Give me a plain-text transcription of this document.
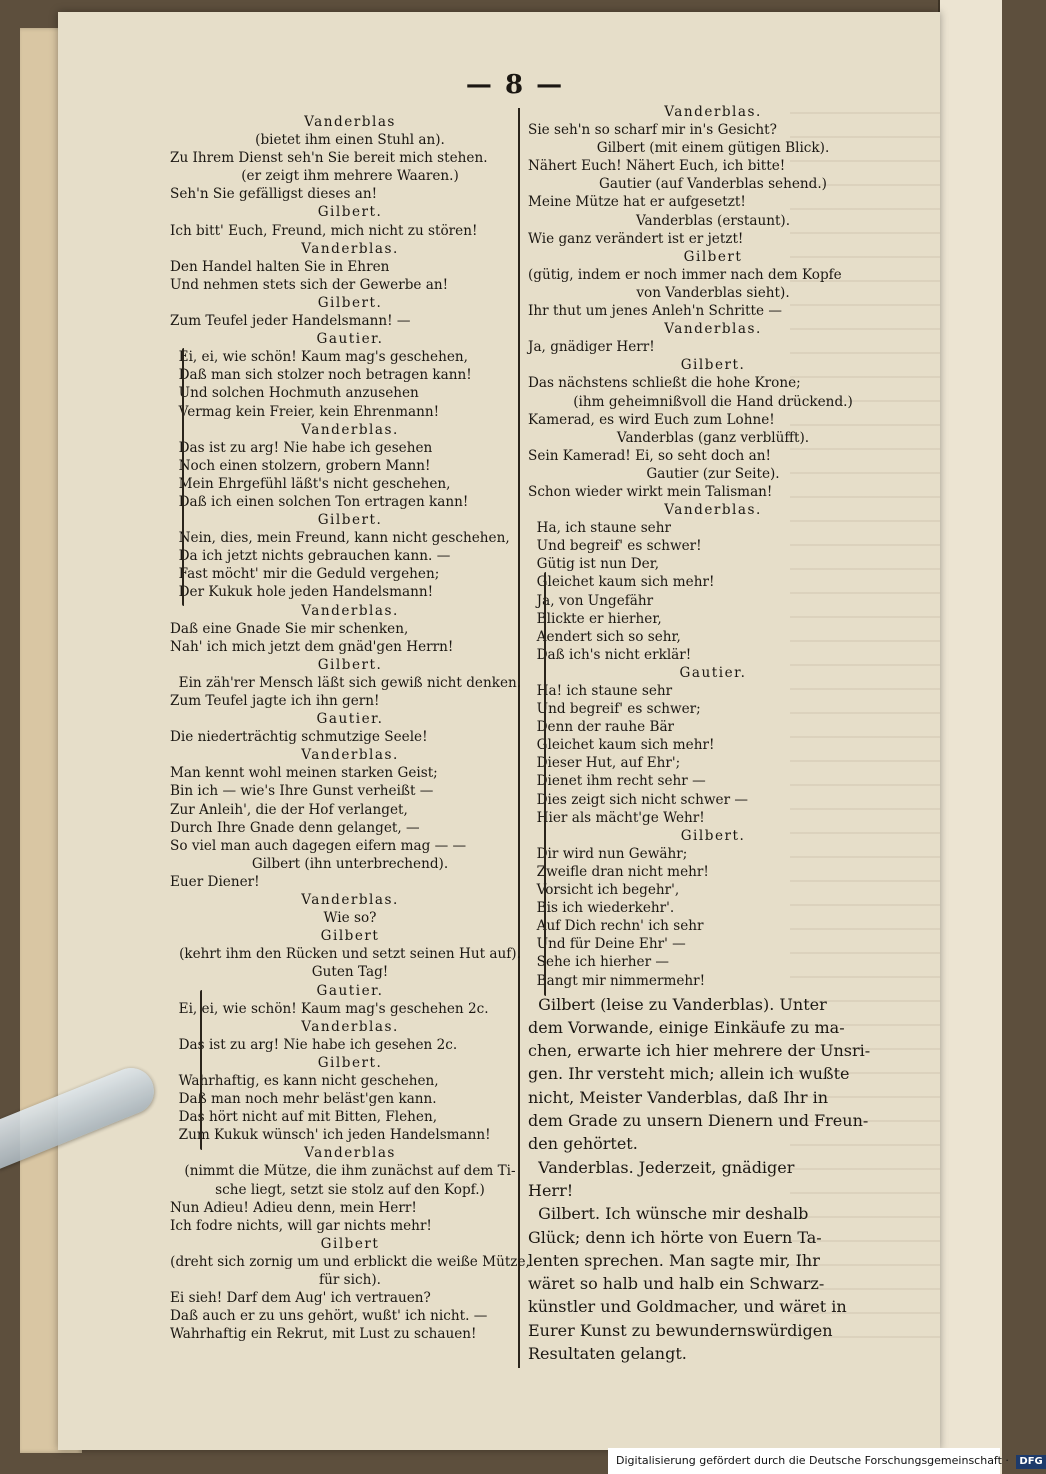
— 8 —
Vanderblas
(bietet ihm einen Stuhl an).
Zu Ihrem Dienst seh'n Sie bereit mich stehen.
(er zeigt ihm mehrere Waaren.)
Seh'n Sie gefälligst dieses an!
Gilbert.
Ich bitt' Euch, Freund, mich nicht zu stören!
Vanderblas.
Den Handel halten Sie in Ehren
Und nehmen stets sich der Gewerbe an!
Gilbert.
Zum Teufel jeder Handelsmann! —
Gautier.
Ei, ei, wie schön! Kaum mag's geschehen,
Daß man sich stolzer noch betragen kann!
Und solchen Hochmuth anzusehen
Vermag kein Freier, kein Ehrenmann!
Vanderblas.
Das ist zu arg! Nie habe ich gesehen
Noch einen stolzern, grobern Mann!
Mein Ehrgefühl läßt's nicht geschehen,
Daß ich einen solchen Ton ertragen kann!
Gilbert.
Nein, dies, mein Freund, kann nicht geschehen,
Da ich jetzt nichts gebrauchen kann. —
Fast möcht' mir die Geduld vergehen;
Der Kukuk hole jeden Handelsmann!
Vanderblas.
Daß eine Gnade Sie mir schenken,
Nah' ich mich jetzt dem gnäd'gen Herrn!
Gilbert.
Ein zäh'rer Mensch läßt sich gewiß nicht denken.
Zum Teufel jagte ich ihn gern!
Gautier.
Die niederträchtig schmutzige Seele!
Vanderblas.
Man kennt wohl meinen starken Geist;
Bin ich — wie's Ihre Gunst verheißt —
Zur Anleih', die der Hof verlanget,
Durch Ihre Gnade denn gelanget, —
So viel man auch dagegen eifern mag — —
Gilbert (ihn unterbrechend).
Euer Diener!
Vanderblas.
Wie so?
Gilbert
(kehrt ihm den Rücken und setzt seinen Hut auf).
Guten Tag!
Gautier.
Ei, ei, wie schön! Kaum mag's geschehen 2c.
Vanderblas.
Das ist zu arg! Nie habe ich gesehen 2c.
Gilbert.
Wahrhaftig, es kann nicht geschehen,
Daß man noch mehr beläst'gen kann.
Das hört nicht auf mit Bitten, Flehen,
Zum Kukuk wünsch' ich jeden Handelsmann!
Vanderblas
(nimmt die Mütze, die ihm zunächst auf dem Ti-
sche liegt, setzt sie stolz auf den Kopf.)
Nun Adieu! Adieu denn, mein Herr!
Ich fodre nichts, will gar nichts mehr!
Gilbert
(dreht sich zornig um und erblickt die weiße Mütze,
für sich).
Ei sieh! Darf dem Aug' ich vertrauen?
Daß auch er zu uns gehört, wußt' ich nicht. —
Wahrhaftig ein Rekrut, mit Lust zu schauen!
Vanderblas.
Sie seh'n so scharf mir in's Gesicht?
Gilbert (mit einem gütigen Blick).
Nähert Euch! Nähert Euch, ich bitte!
Gautier (auf Vanderblas sehend.)
Meine Mütze hat er aufgesetzt!
Vanderblas (erstaunt).
Wie ganz verändert ist er jetzt!
Gilbert
(gütig, indem er noch immer nach dem Kopfe
von Vanderblas sieht).
Ihr thut um jenes Anleh'n Schritte —
Vanderblas.
Ja, gnädiger Herr!
Gilbert.
Das nächstens schließt die hohe Krone;
(ihm geheimnißvoll die Hand drückend.)
Kamerad, es wird Euch zum Lohne!
Vanderblas (ganz verblüfft).
Sein Kamerad! Ei, so seht doch an!
Gautier (zur Seite).
Schon wieder wirkt mein Talisman!
Vanderblas.
Ha, ich staune sehr
Und begreif' es schwer!
Gütig ist nun Der,
Gleichet kaum sich mehr!
Ja, von Ungefähr
Blickte er hierher,
Aendert sich so sehr,
Daß ich's nicht erklär!
Gautier.
Ha! ich staune sehr
Und begreif' es schwer;
Denn der rauhe Bär
Gleichet kaum sich mehr!
Dieser Hut, auf Ehr';
Dienet ihm recht sehr —
Dies zeigt sich nicht schwer —
Hier als mächt'ge Wehr!
Gilbert.
Dir wird nun Gewähr;
Zweifle dran nicht mehr!
Vorsicht ich begehr',
Bis ich wiederkehr'.
Auf Dich rechn' ich sehr
Und für Deine Ehr' —
Sehe ich hierher —
Bangt mir nimmermehr!
Gilbert (leise zu Vanderblas). Unter
dem Vorwande, einige Einkäufe zu ma-
chen, erwarte ich hier mehrere der Unsri-
gen. Ihr versteht mich; allein ich wußte
nicht, Meister Vanderblas, daß Ihr in
dem Grade zu unsern Dienern und Freun-
den gehörtet.
Vanderblas. Jederzeit, gnädiger
Herr!
Gilbert. Ich wünsche mir deshalb
Glück; denn ich hörte von Euern Ta-
lenten sprechen. Man sagte mir, Ihr
wäret so halb und halb ein Schwarz-
künstler und Goldmacher, und wäret in
Eurer Kunst zu bewundernswürdigen
Resultaten gelangt.
Digitalisierung gefördert durch die Deutsche Forschungsgemeinschaft · DFG
